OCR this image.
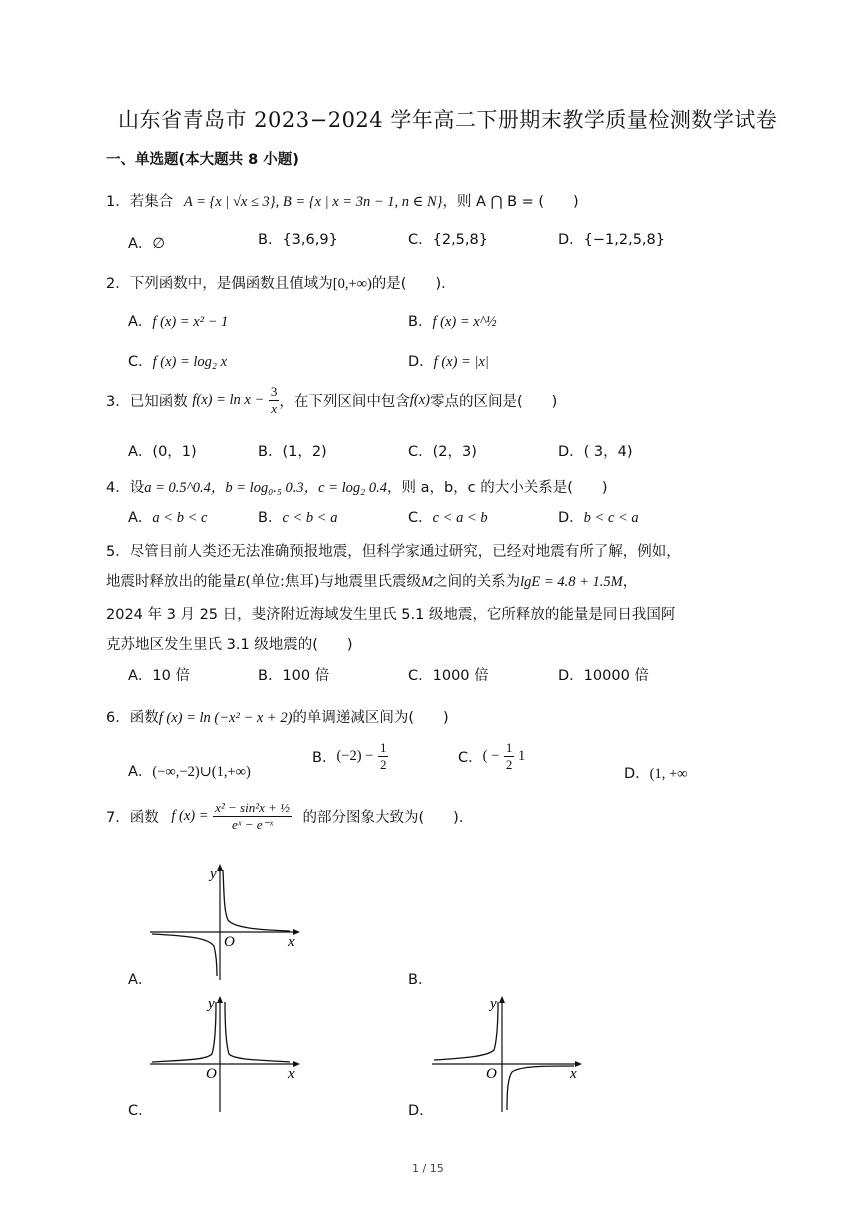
山东省青岛市 2023−2024 学年高二下册期末教学质量检测数学试卷
一、单选题(本大题共 8 小题)
1．若集合 A = {x | √x ≤ 3}, B = {x | x = 3n − 1, n ∈ N}，则 A ⋂ B = (　　)
A．∅	B．{3,6,9}	C．{2,5,8}	D．{−1,2,5,8}
2．下列函数中，是偶函数且值域为[0,+∞)的是(　　)．
A．f (x) = x² − 1	B．f (x) = x^½
C．f (x) = log₂ x	D．f (x) = |x|
3．已知函数 $f(x) = \ln x - \frac{3}{x}$ ，在下列区间中包含f(x)零点的区间是(　　)
A．(0，1)	B．(1，2)	C．(2，3)	D．( 3，4)
4．设a = 0.5^0.4，b = log₀.₅ 0.3，c = log₂ 0.4，则 a，b，c 的大小关系是(　　)
A．a < b < c	B．c < b < a	C．c < a < b	D．b < c < a
5．尽管目前人类还无法准确预报地震，但科学家通过研究，已经对地震有所了解，例如，
地震时释放出的能量E(单位:焦耳)与地震里氏震级M之间的关系为lgE = 4.8 + 1.5M，
2024 年 3 月 25 日，斐济附近海域发生里氏 5.1 级地震，它所释放的能量是同日我国阿
克苏地区发生里氏 3.1 级地震的(　　)
A．10 倍	B．100 倍	C．1000 倍	D．10000 倍
6．函数f (x) = ln (−x² − x + 2)的单调递减区间为(　　)
A．(−∞,−2)∪(1,+∞)
B．$(-2) - \frac{1}{2}$	C．( − $\frac{1}{2} 1$
D．(1, +∞
7．函数 f $(x) = \frac{\text{x² − sin²x + ½}}{\text{eˣ − e⁻ˣ}}$ 的部分图象大致为(　　)．
y
O	x
A．	B．
y
O	x
y
O	x
C．	D．
1 / 15
